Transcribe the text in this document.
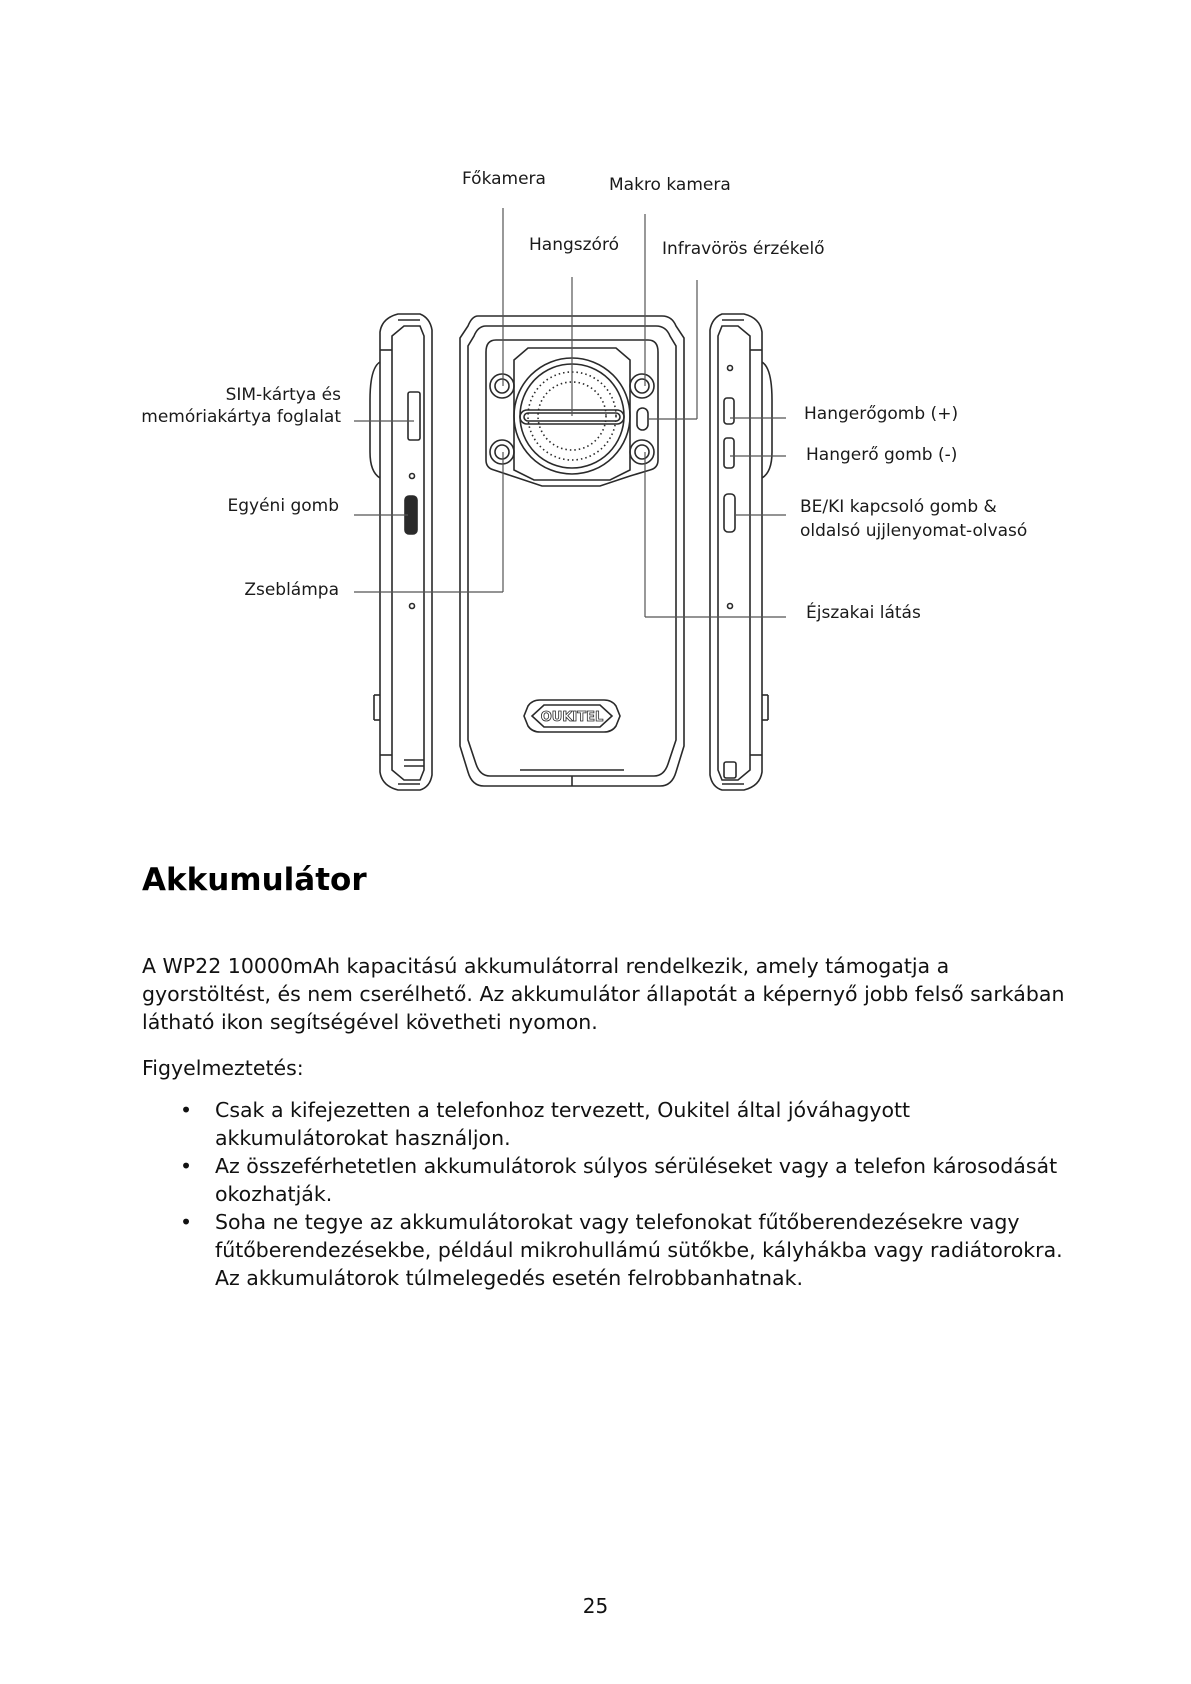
OUKITEL
Főkamera	Makro kamera
Hangszóró	Infravörös érzékelő
SIM-kártya és
memóriakártya foglalat
Egyéni gomb
Zseblámpa
Hangerőgomb (+)
Hangerő gomb (-)
BE/KI kapcsoló gomb &
oldalsó ujjlenyomat-olvasó
Éjszakai látás
Akkumulátor

A WP22 10000mAh kapacitású akkumulátorral rendelkezik, amely támogatja a gyorstöltést, és nem cserélhető. Az akkumulátor állapotát a képernyő jobb felső sarkában látható ikon segítségével követheti nyomon.

Figyelmeztetés:

• Csak a kifejezetten a telefonhoz tervezett, Oukitel által jóváhagyott akkumulátorokat használjon.
• Az összeférhetetlen akkumulátorok súlyos sérüléseket vagy a telefon károsodását okozhatják.
• Soha ne tegye az akkumulátorokat vagy telefonokat fűtőberendezésekre vagy fűtőberendezésekbe, például mikrohullámú sütőkbe, kályhákba vagy radiátorokra. Az akkumulátorok túlmelegedés esetén felrobbanhatnak.
25
